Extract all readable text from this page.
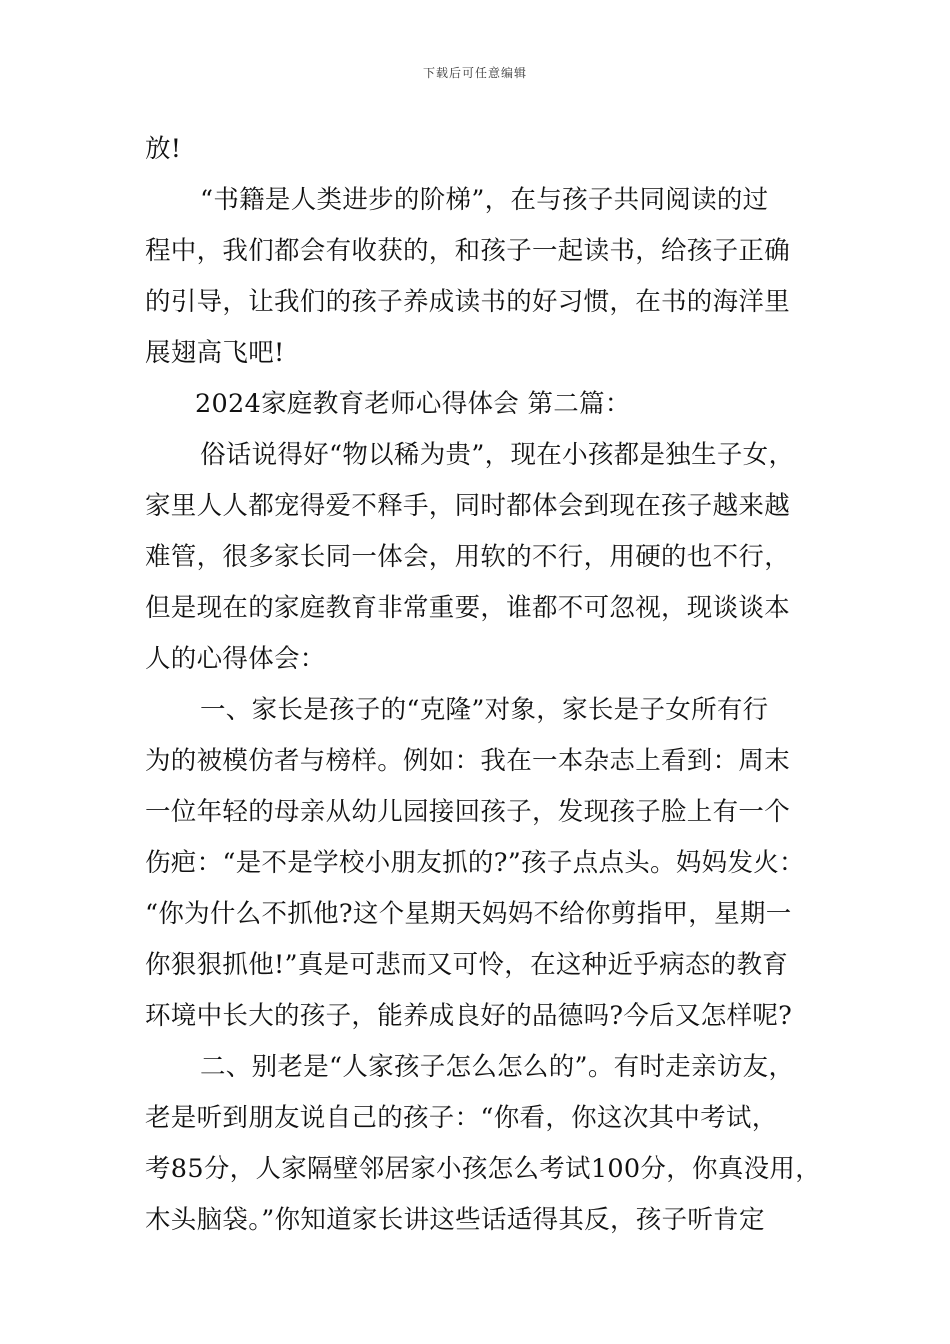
下载后可任意编辑
放!
“书籍是人类进步的阶梯”，在与孩子共同阅读的过
程中，我们都会有收获的，和孩子一起读书，给孩子正确
的引导，让我们的孩子养成读书的好习惯，在书的海洋里
展翅高飞吧!
2024家庭教育老师心得体会 第二篇：
俗话说得好“物以稀为贵”，现在小孩都是独生子女，
家里人人都宠得爱不释手，同时都体会到现在孩子越来越
难管，很多家长同一体会，用软的不行，用硬的也不行，
但是现在的家庭教育非常重要，谁都不可忽视，现谈谈本
人的心得体会：
一、家长是孩子的“克隆”对象，家长是子女所有行
为的被模仿者与榜样。例如：我在一本杂志上看到：周末
一位年轻的母亲从幼儿园接回孩子，发现孩子脸上有一个
伤疤：“是不是学校小朋友抓的?”孩子点点头。妈妈发火：
“你为什么不抓他?这个星期天妈妈不给你剪指甲，星期一
你狠狠抓他!”真是可悲而又可怜，在这种近乎病态的教育
环境中长大的孩子，能养成良好的品德吗?今后又怎样呢?
二、别老是“人家孩子怎么怎么的”。有时走亲访友，
老是听到朋友说自己的孩子：“你看，你这次其中考试，
考85分，人家隔壁邻居家小孩怎么考试100分，你真没用，
木头脑袋。”你知道家长讲这些话适得其反，孩子听肯定
